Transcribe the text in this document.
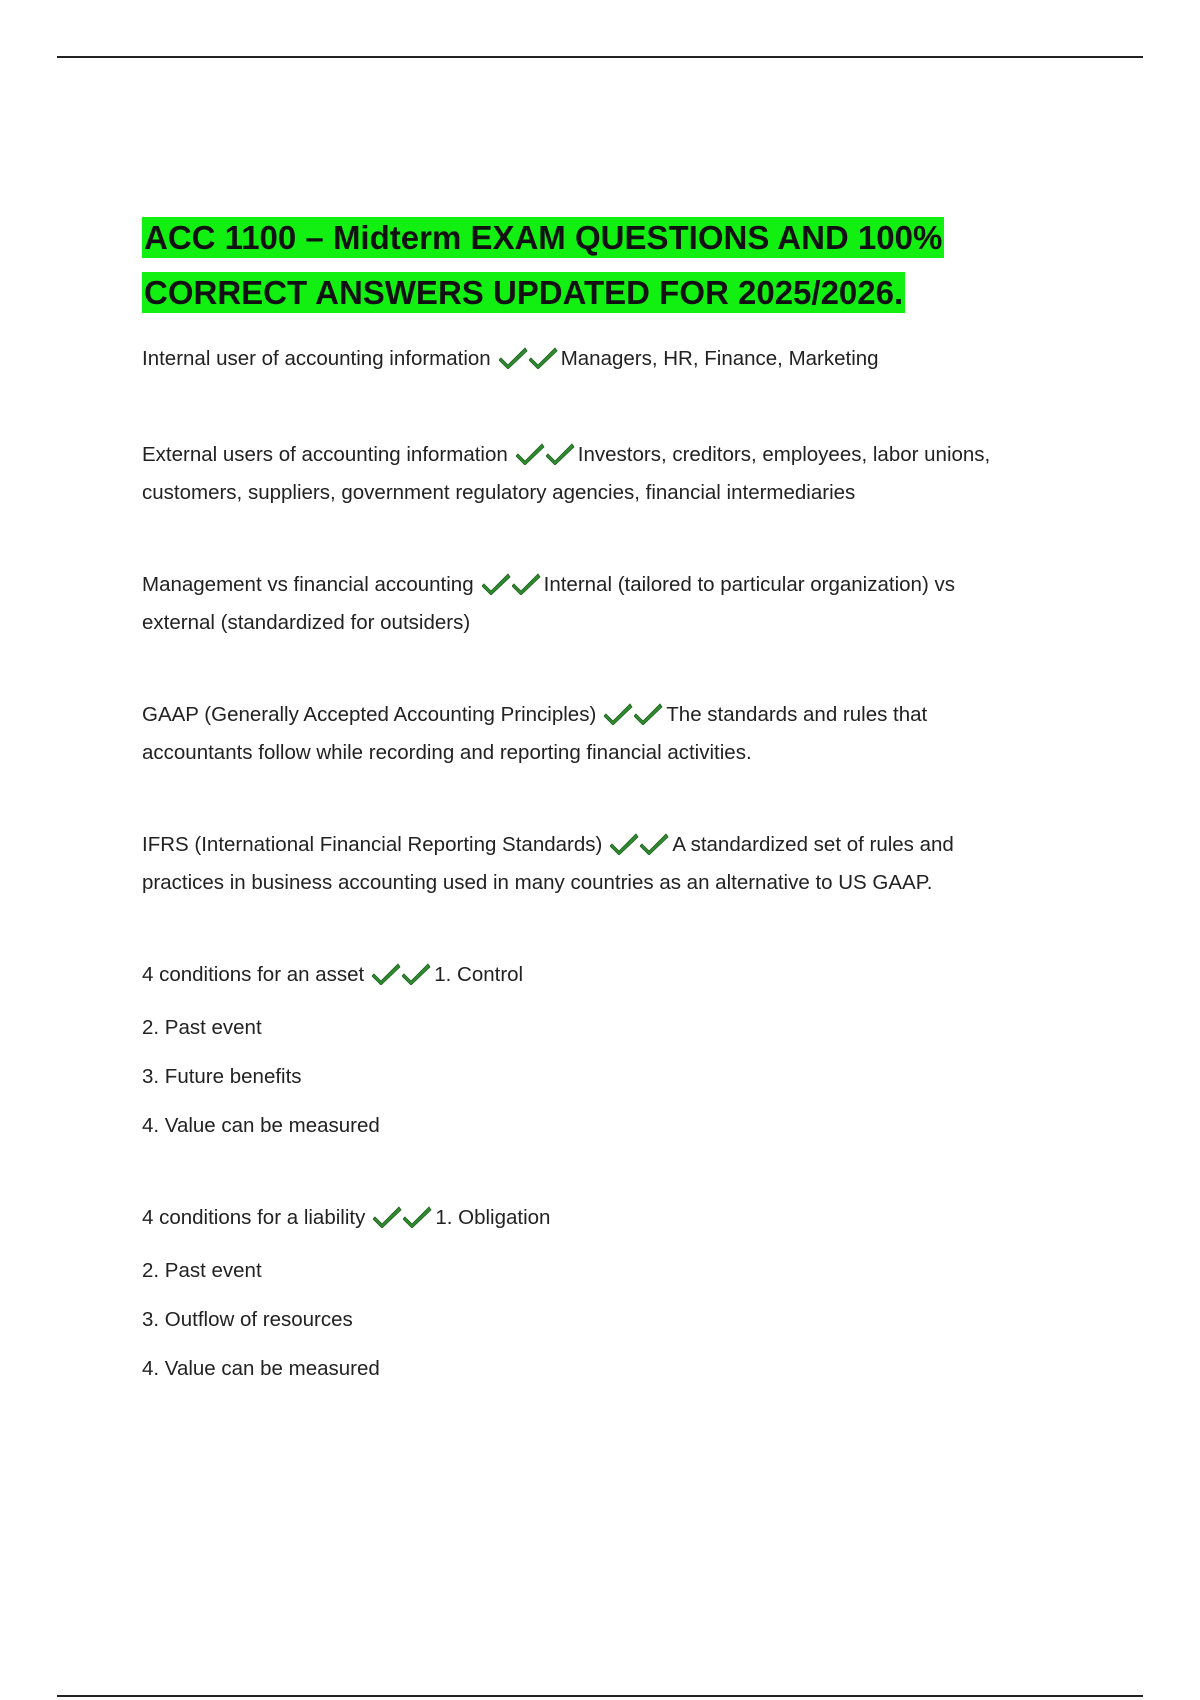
ACC 1100 – Midterm EXAM QUESTIONS AND 100%
CORRECT ANSWERS UPDATED FOR 2025/2026.

Internal user of accounting information	Managers, HR, Finance, Marketing

External users of accounting information	Investors, creditors, employees, labor unions,

customers, suppliers, government regulatory agencies, financial intermediaries

Management vs financial accounting	Internal (tailored to particular organization) vs

external (standardized for outsiders)

GAAP (Generally Accepted Accounting Principles)	The standards and rules that

accountants follow while recording and reporting financial activities.

IFRS (International Financial Reporting Standards)	A standardized set of rules and

practices in business accounting used in many countries as an alternative to US GAAP.

4 conditions for an asset	1. Control

2. Past event

3. Future benefits

4. Value can be measured

4 conditions for a liability	1. Obligation

2. Past event

3. Outflow of resources

4. Value can be measured
